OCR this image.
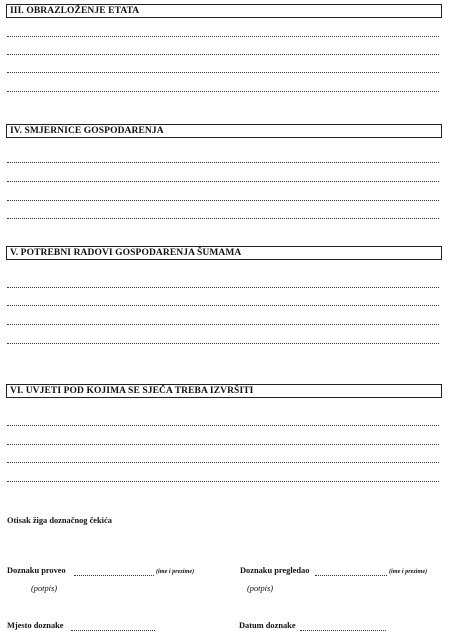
III. OBRAZLOŽENJE ETATA
IV. SMJERNICE GOSPODARENJA
V. POTREBNI RADOVI GOSPODARENJA ŠUMAMA
VI. UVJETI POD KOJIMA SE SJEČA TREBA IZVRŠITI
Otisak žiga doznačnog čekića
Doznaku proveo	(ime i prezime)
(potpis)
Doznaku pregledao	(ime i prezime)
(potpis)
Mjesto doznake	Datum doznake
